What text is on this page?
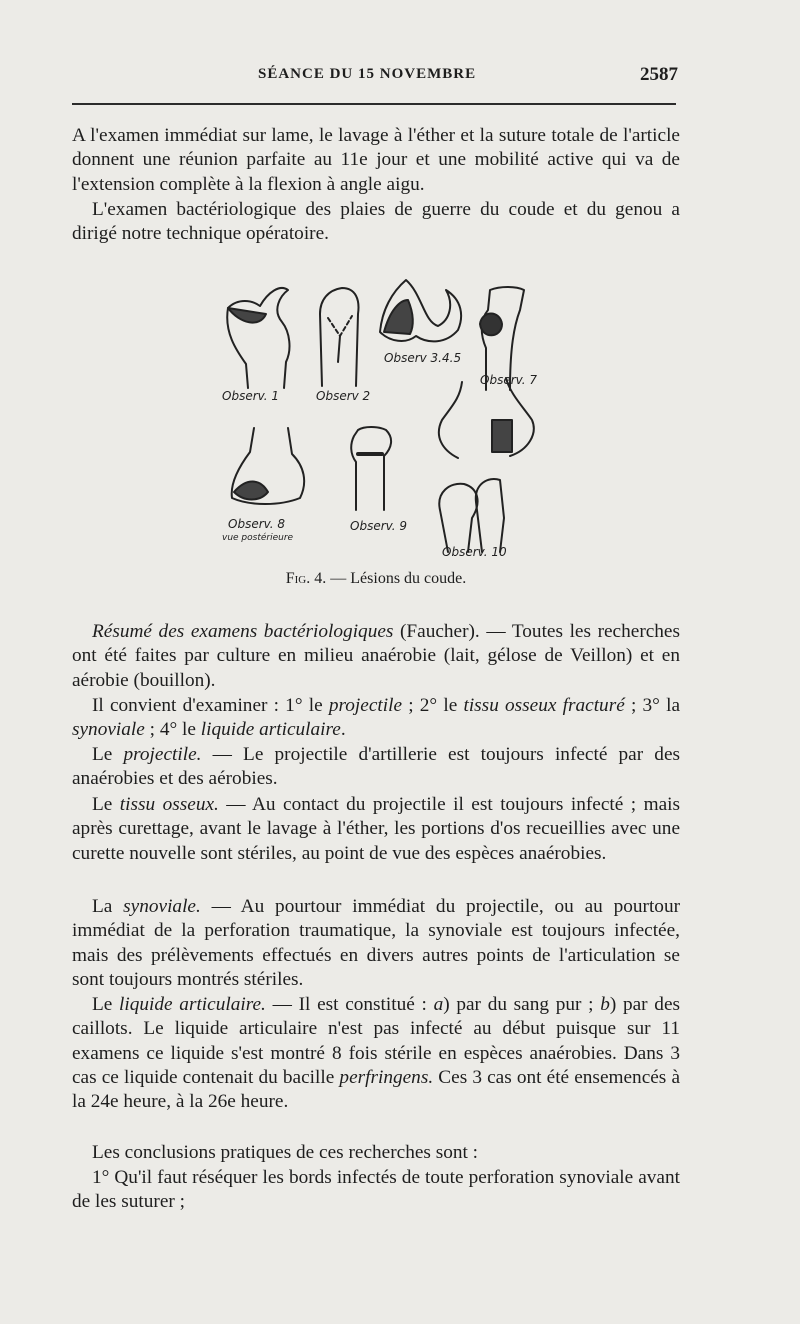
SÉANCE DU 15 NOVEMBRE	2587

A l'examen immédiat sur lame, le lavage à l'éther et la suture totale de l'article donnent une réunion parfaite au 11e jour et une mobilité active qui va de l'extension complète à la flexion à angle aigu.

L'examen bactériologique des plaies de guerre du coude et du genou a dirigé notre technique opératoire.

Observ. 1	Observ 2
Observ 3.4.5
Observ. 7
Observ. 8
vue postérieure
Observ. 9
Observ. 10
Fig. 4. — Lésions du coude.

Résumé des examens bactériologiques (Faucher). — Toutes les recherches ont été faites par culture en milieu anaérobie (lait, gélose de Veillon) et en aérobie (bouillon).

Il convient d'examiner : 1° le projectile ; 2° le tissu osseux fracturé ; 3° la synoviale ; 4° le liquide articulaire.

Le projectile. — Le projectile d'artillerie est toujours infecté par des anaérobies et des aérobies.

Le tissu osseux. — Au contact du projectile il est toujours infecté ; mais après curettage, avant le lavage à l'éther, les portions d'os recueillies avec une curette nouvelle sont stériles, au point de vue des espèces anaérobies.

La synoviale. — Au pourtour immédiat du projectile, ou au pourtour immédiat de la perforation traumatique, la synoviale est toujours infectée, mais des prélèvements effectués en divers autres points de l'articulation se sont toujours montrés stériles.

Le liquide articulaire. — Il est constitué : a) par du sang pur ; b) par des caillots. Le liquide articulaire n'est pas infecté au début puisque sur 11 examens ce liquide s'est montré 8 fois stérile en espèces anaérobies. Dans 3 cas ce liquide contenait du bacille perfringens. Ces 3 cas ont été ensemencés à la 24e heure, à la 26e heure.

Les conclusions pratiques de ces recherches sont :

1° Qu'il faut réséquer les bords infectés de toute perforation synoviale avant de les suturer ;
